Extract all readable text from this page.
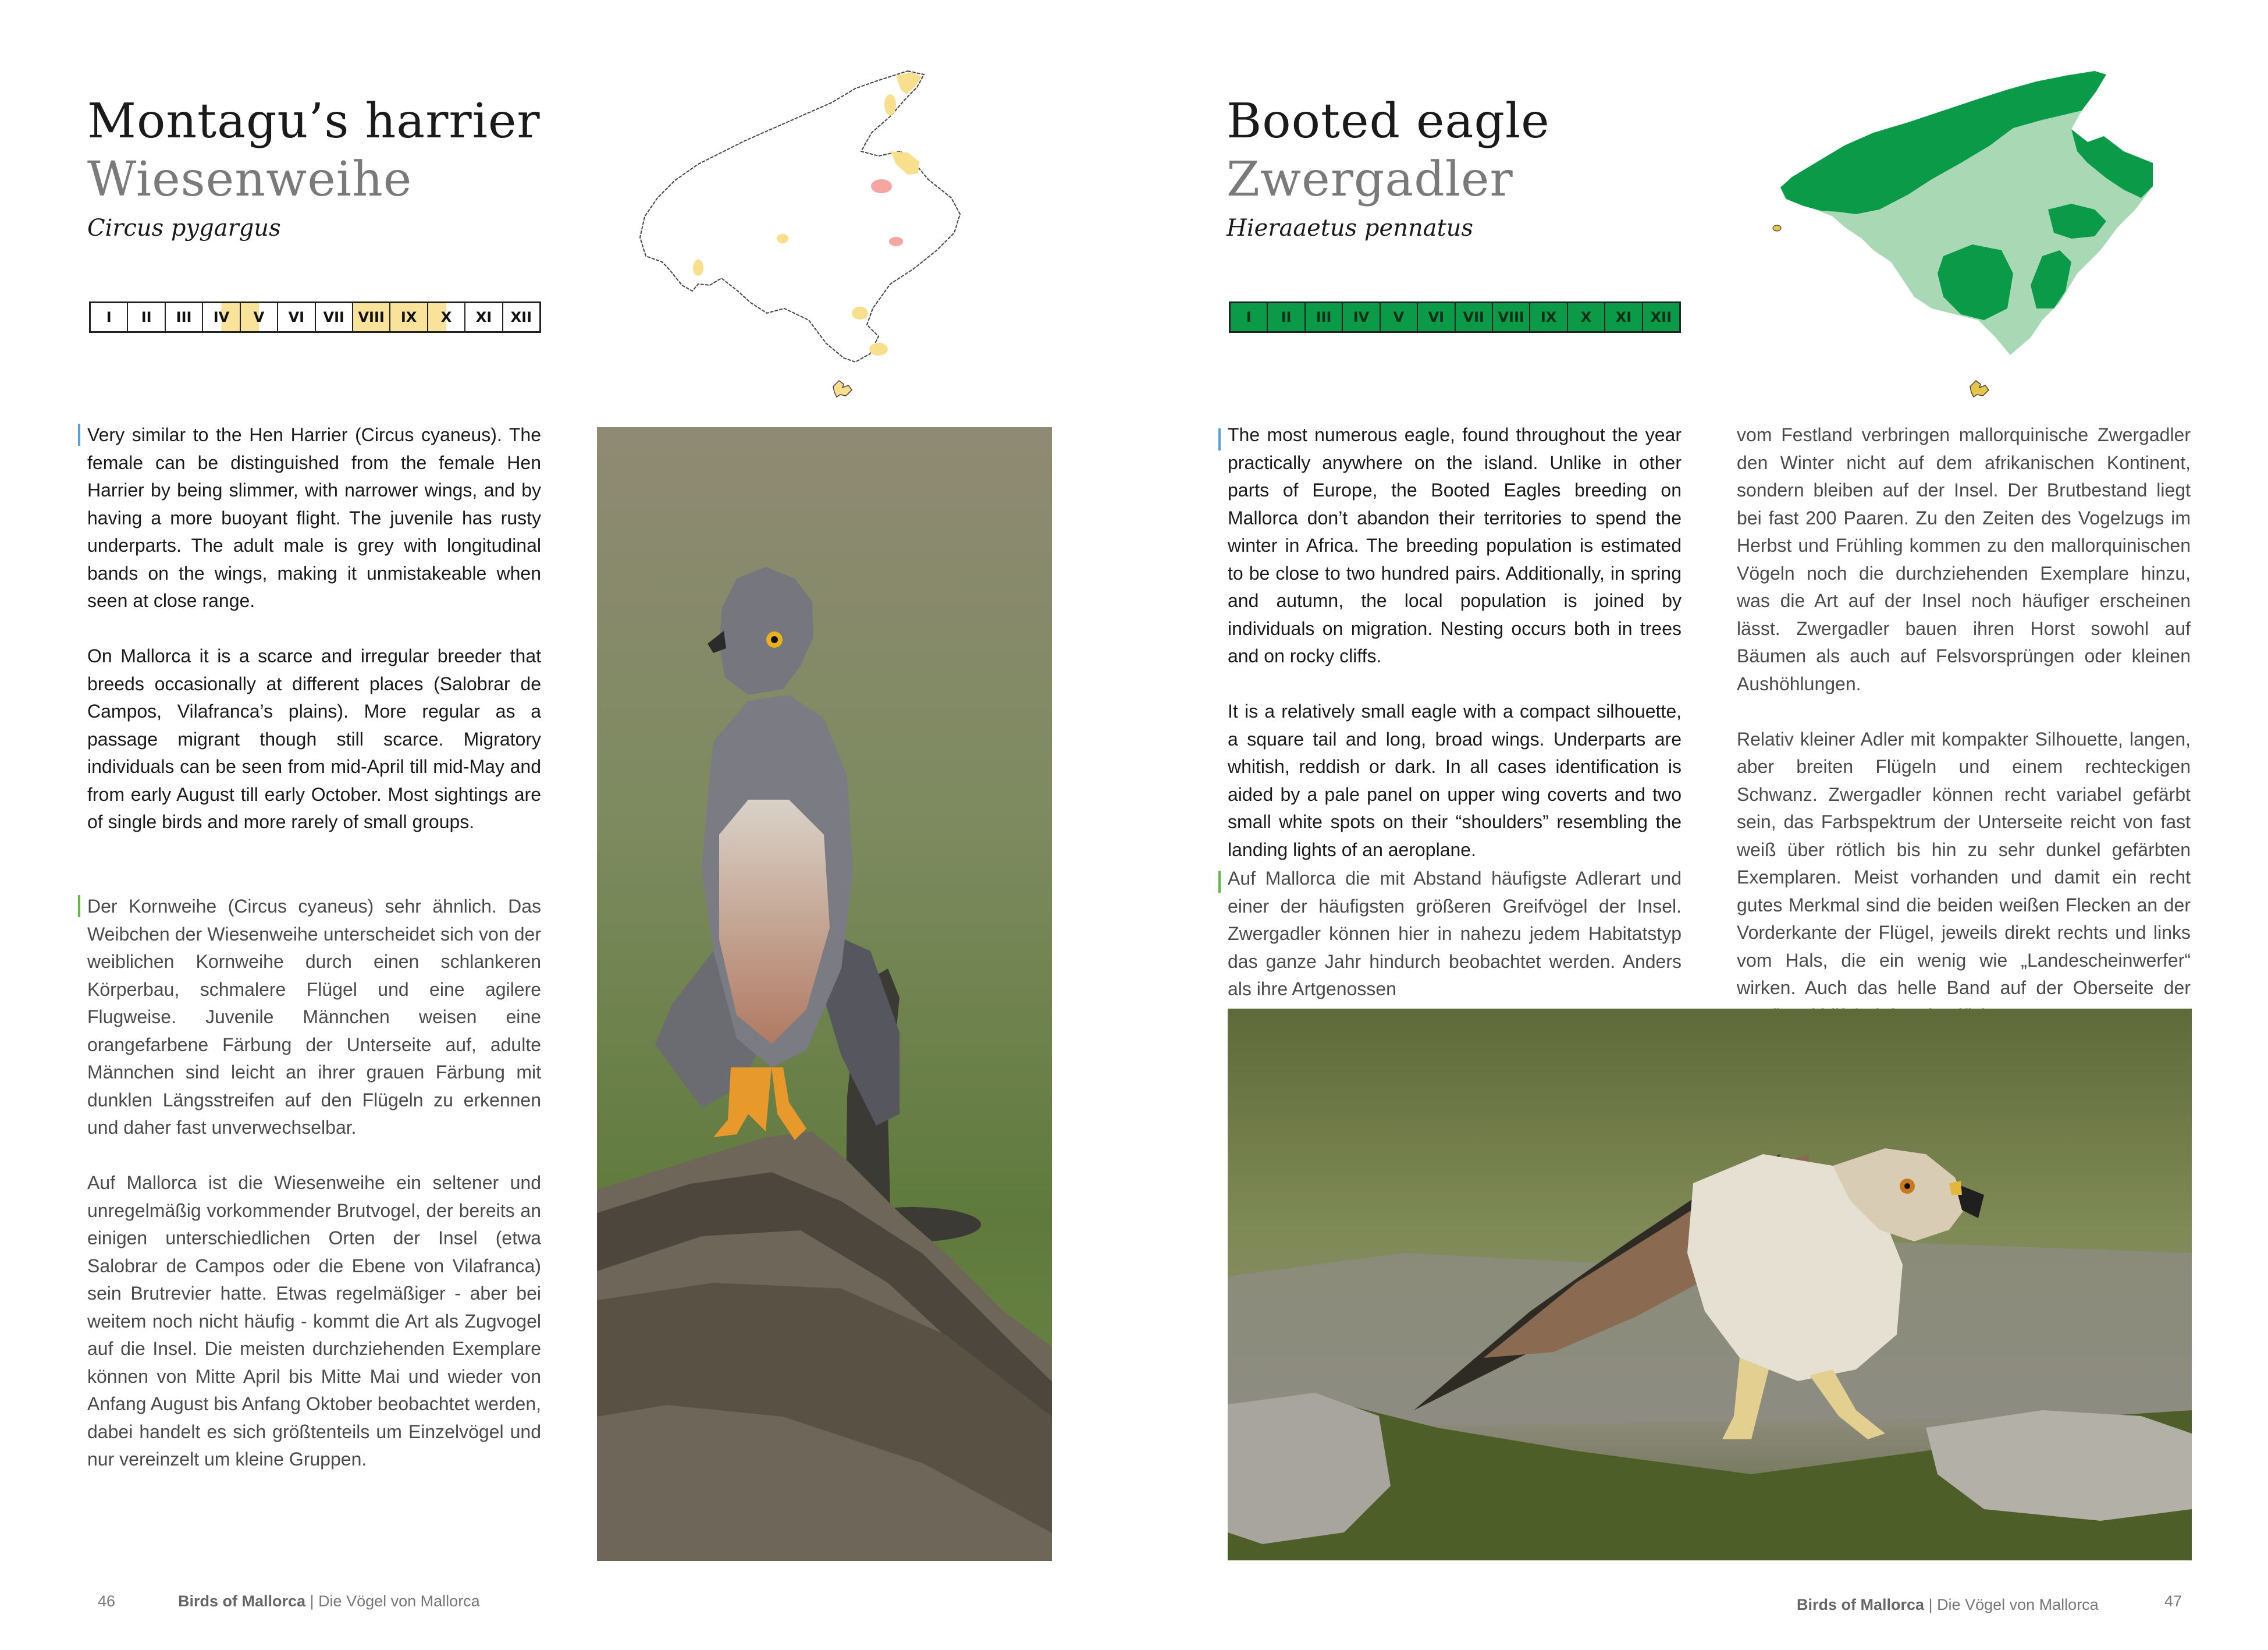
Montagu’s harrier
Wiesenweihe
Circus pygargus
I	II	III	IV	V	VI	VII VIII	IX	X	XI	XII

Very similar to the Hen Harrier (Circus cyaneus). The female can be distinguished from the female Hen Harrier by being slimmer, with narrower wings, and by having a more buoyant flight. The juvenile has rusty underparts. The adult male is grey with longitudinal bands on the wings, making it unmistakeable when seen at close range.

On Mallorca it is a scarce and irregular breeder that breeds occasionally at different places (Salobrar de Campos, Vilafranca’s plains). More regular as a passage migrant though still scarce. Migratory individuals can be seen from mid-April till mid-May and from early August till early October. Most sightings are of single birds and more rarely of small groups.

Der Kornweihe (Circus cyaneus) sehr ähnlich. Das Weibchen der Wiesenweihe unterscheidet sich von der weiblichen Kornweihe durch einen schlankeren Körperbau, schmalere Flügel und eine agilere Flugweise. Juvenile Männchen weisen eine orangefarbene Färbung der Unterseite auf, adulte Männchen sind leicht an ihrer grauen Färbung mit dunklen Längsstreifen auf den Flügeln zu erkennen und daher fast unverwechselbar.

Auf Mallorca ist die Wiesenweihe ein seltener und unregelmäßig vorkommender Brutvogel, der bereits an einigen unterschiedlichen Orten der Insel (etwa Salobrar de Campos oder die Ebene von Vilafranca) sein Brutrevier hatte. Etwas regelmäßiger - aber bei weitem noch nicht häufig - kommt die Art als Zugvogel auf die Insel. Die meisten durchziehenden Exemplare können von Mitte April bis Mitte Mai und wieder von Anfang August bis Anfang Oktober beobachtet werden, dabei handelt es sich größtenteils um Einzelvögel und nur vereinzelt um kleine Gruppen.

46	Birds of Mallorca | Die Vögel von Mallorca
Booted eagle
Zwergadler
Hieraaetus pennatus
I	II	III	IV	V	VI	VII VIII	IX	X	XI	XII

The most numerous eagle, found throughout the year practically anywhere on the island. Unlike in other parts of Europe, the Booted Eagles breeding on Mallorca don’t abandon their territories to spend the winter in Africa. The breeding population is estimated to be close to two hundred pairs. Additionally, in spring and autumn, the local population is joined by individuals on migration. Nesting occurs both in trees and on rocky cliffs.

It is a relatively small eagle with a compact silhouette, a square tail and long, broad wings. Underparts are whitish, reddish or dark. In all cases identification is aided by a pale panel on upper wing coverts and two small white spots on their “shoulders” resembling the landing lights of an aeroplane.

Auf Mallorca die mit Abstand häufigste Adlerart und einer der häufigsten größeren Greifvögel der Insel. Zwergadler können hier in nahezu jedem Habitatstyp das ganze Jahr hindurch beobachtet werden. Anders als ihre Artgenossen

vom Festland verbringen mallorquinische Zwergadler den Winter nicht auf dem afrikanischen Kontinent, sondern bleiben auf der Insel. Der Brutbestand liegt bei fast 200 Paaren. Zu den Zeiten des Vogelzugs im Herbst und Frühling kommen zu den mallorquinischen Vögeln noch die durchziehenden Exemplare hinzu, was die Art auf der Insel noch häufiger erscheinen lässt. Zwergadler bauen ihren Horst sowohl auf Bäumen als auch auf Felsvorsprüngen oder kleinen Aushöhlungen.

Relativ kleiner Adler mit kompakter Silhouette, langen, aber breiten Flügeln und einem rechteckigen Schwanz. Zwergadler können recht variabel gefärbt sein, das Farbspektrum der Unterseite reicht von fast weiß über rötlich bis hin zu sehr dunkel gefärbten Exemplaren. Meist vorhanden und damit ein recht gutes Merkmal sind die beiden weißen Flecken an der Vorderkante der Flügel, jeweils direkt rechts und links vom Hals, die ein wenig wie „Landescheinwerfer“ wirken. Auch das helle Band auf der Oberseite der

Birds of Mallorca | Die Vögel von Mallorca	47
